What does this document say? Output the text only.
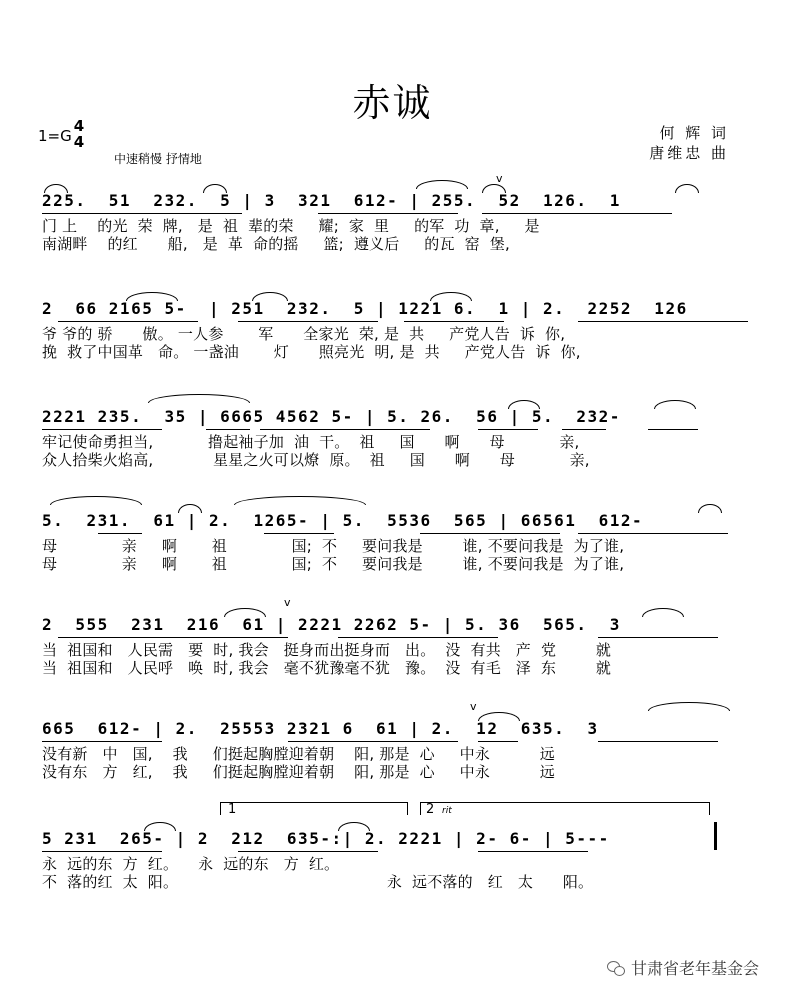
赤诚
1=G
4
4
中速稍慢 抒情地
何 辉 词
唐维忠 曲
225.  51  232.  5 | 3  321  612- | 255.  52  126.  1
门 上    的光  荣  牌,   是  祖  辈的荣     耀;  家  里     的军  功  章,     是
南湖畔    的红      船,   是  革  命的摇     篮;  遵义后     的瓦  窑  堡,
v
2  66 2165 5-  | 251  232.  5 | 1221 6.  1 | 2.  2252  126
爷 爷的 骄      傲。 一人参       军      全家光  荣, 是  共     产党人告  诉  你,
挽  救了中国革   命。 一盏油       灯      照亮光  明, 是  共     产党人告  诉  你,
2221 235.  35 | 6665 4562 5- | 5. 26.  56 | 5.  232-
牢记使命勇担当,           撸起袖子加  油  干。  祖     国      啊      母           亲,
众人拾柴火焰高,            星星之火可以燎  原。  祖     国      啊      母           亲,
5.  231.  61 | 2.  1265- | 5.  5536  565 | 66561  612-
母             亲     啊       祖             国;  不     要问我是        谁, 不要问我是  为了谁,
母             亲     啊       祖             国;  不     要问我是        谁, 不要问我是  为了谁,
2  555  231  216  61 | 2221 2262 5- | 5. 36  565.  3
当  祖国和   人民需   要  时, 我会   挺身而出挺身而   出。  没  有共   产  党        就
当  祖国和   人民呼   唤  时, 我会   毫不犹豫毫不犹   豫。  没  有毛   泽  东        就
v
665  612- | 2.  25553 2321 6  61 | 2.  12  635.  3
没有新   中   国,    我     们挺起胸膛迎着朝    阳, 那是  心     中永          远
没有东   方   红,    我     们挺起胸膛迎着朝    阳, 那是  心     中永          远
v
1	2 rit
5 231  265- | 2  212  635-:| 2. 2221 | 2- 6- | 5---
永  远的东  方  红。    永  远的东   方  红。
不  落的红  太  阳。                                          永  远不落的   红   太      阳。
甘肃省老年基金会
